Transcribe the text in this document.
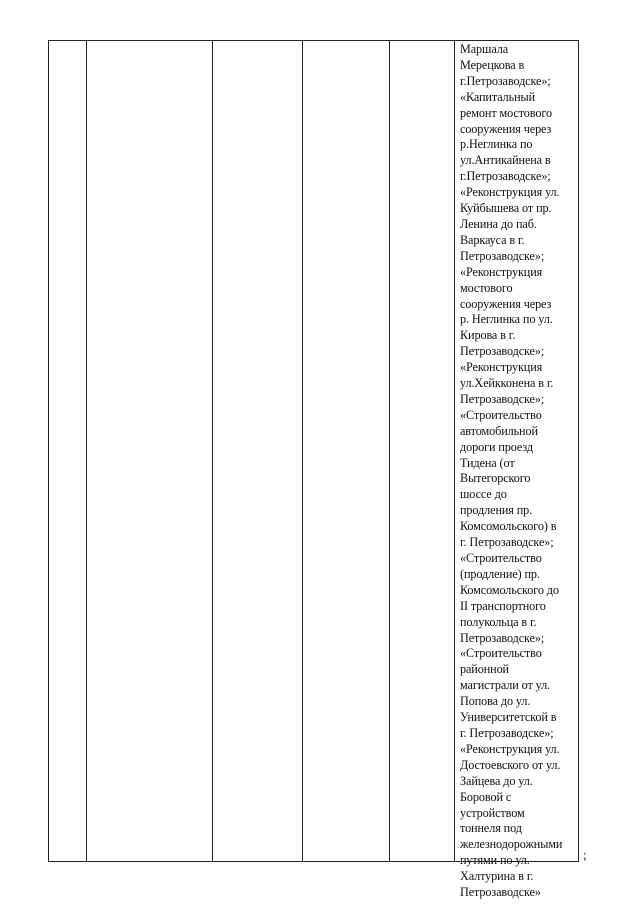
Маршала
Мерецкова в
г.Петрозаводске»;
«Капитальный
ремонт мостового
сооружения через
р.Неглинка по
ул.Антикайнена в
г.Петрозаводске»;
«Реконструкция ул.
Куйбышева от пр.
Ленина до паб.
Варкауса в г.
Петрозаводске»;
«Реконструкция
мостового
сооружения через
р. Неглинка по ул.
Кирова в г.
Петрозаводске»;
«Реконструкция
ул.Хейкконена в г.
Петрозаводске»;
«Строительство
автомобильной
дороги проезд
Тидена (от
Вытегорского
шоссе до
продления пр.
Комсомольского) в
г. Петрозаводске»;
«Строительство
(продление) пр.
Комсомольского до
II транспортного
полукольца в г.
Петрозаводске»;
«Строительство
районной
магистрали от ул.
Попова до ул.
Университетской в
г. Петрозаводске»;
«Реконструкция ул.
Достоевского от ул.
Зайцева до ул.
Боровой с
устройством
тоннеля под
железнодорожными
путями по ул.
Халтурина в г.
Петрозаводске»
;
